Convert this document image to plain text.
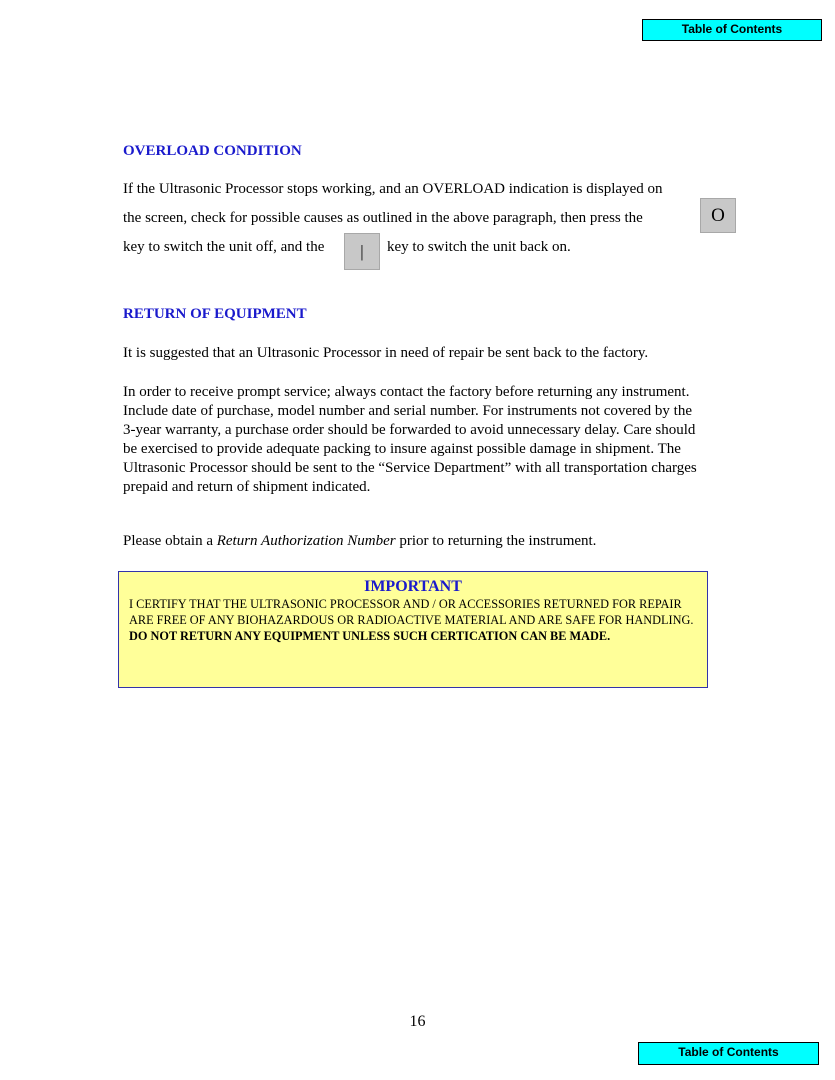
Table of Contents
OVERLOAD CONDITION

If the Ultrasonic Processor stops working, and an OVERLOAD indication is displayed on

the screen, check for possible causes as outlined in the above paragraph, then press the	O

key to switch the unit off, and the	|	key to switch the unit back on.

RETURN OF EQUIPMENT

It is suggested that an Ultrasonic Processor in need of repair be sent back to the factory.

In order to receive prompt service; always contact the factory before returning any instrument. Include date of purchase, model number and serial number. For instruments not covered by the 3-year warranty, a purchase order should be forwarded to avoid unnecessary delay. Care should be exercised to provide adequate packing to insure against possible damage in shipment. The Ultrasonic Processor should be sent to the “Service Department” with all transportation charges prepaid and return of shipment indicated.

Please obtain a Return Authorization Number prior to returning the instrument.

IMPORTANT
I CERTIFY THAT THE ULTRASONIC PROCESSOR AND / OR ACCESSORIES RETURNED FOR REPAIR ARE FREE OF ANY BIOHAZARDOUS OR RADIOACTIVE MATERIAL AND ARE SAFE FOR HANDLING.
DO NOT RETURN ANY EQUIPMENT UNLESS SUCH CERTICATION CAN BE MADE.
16
Table of Contents
